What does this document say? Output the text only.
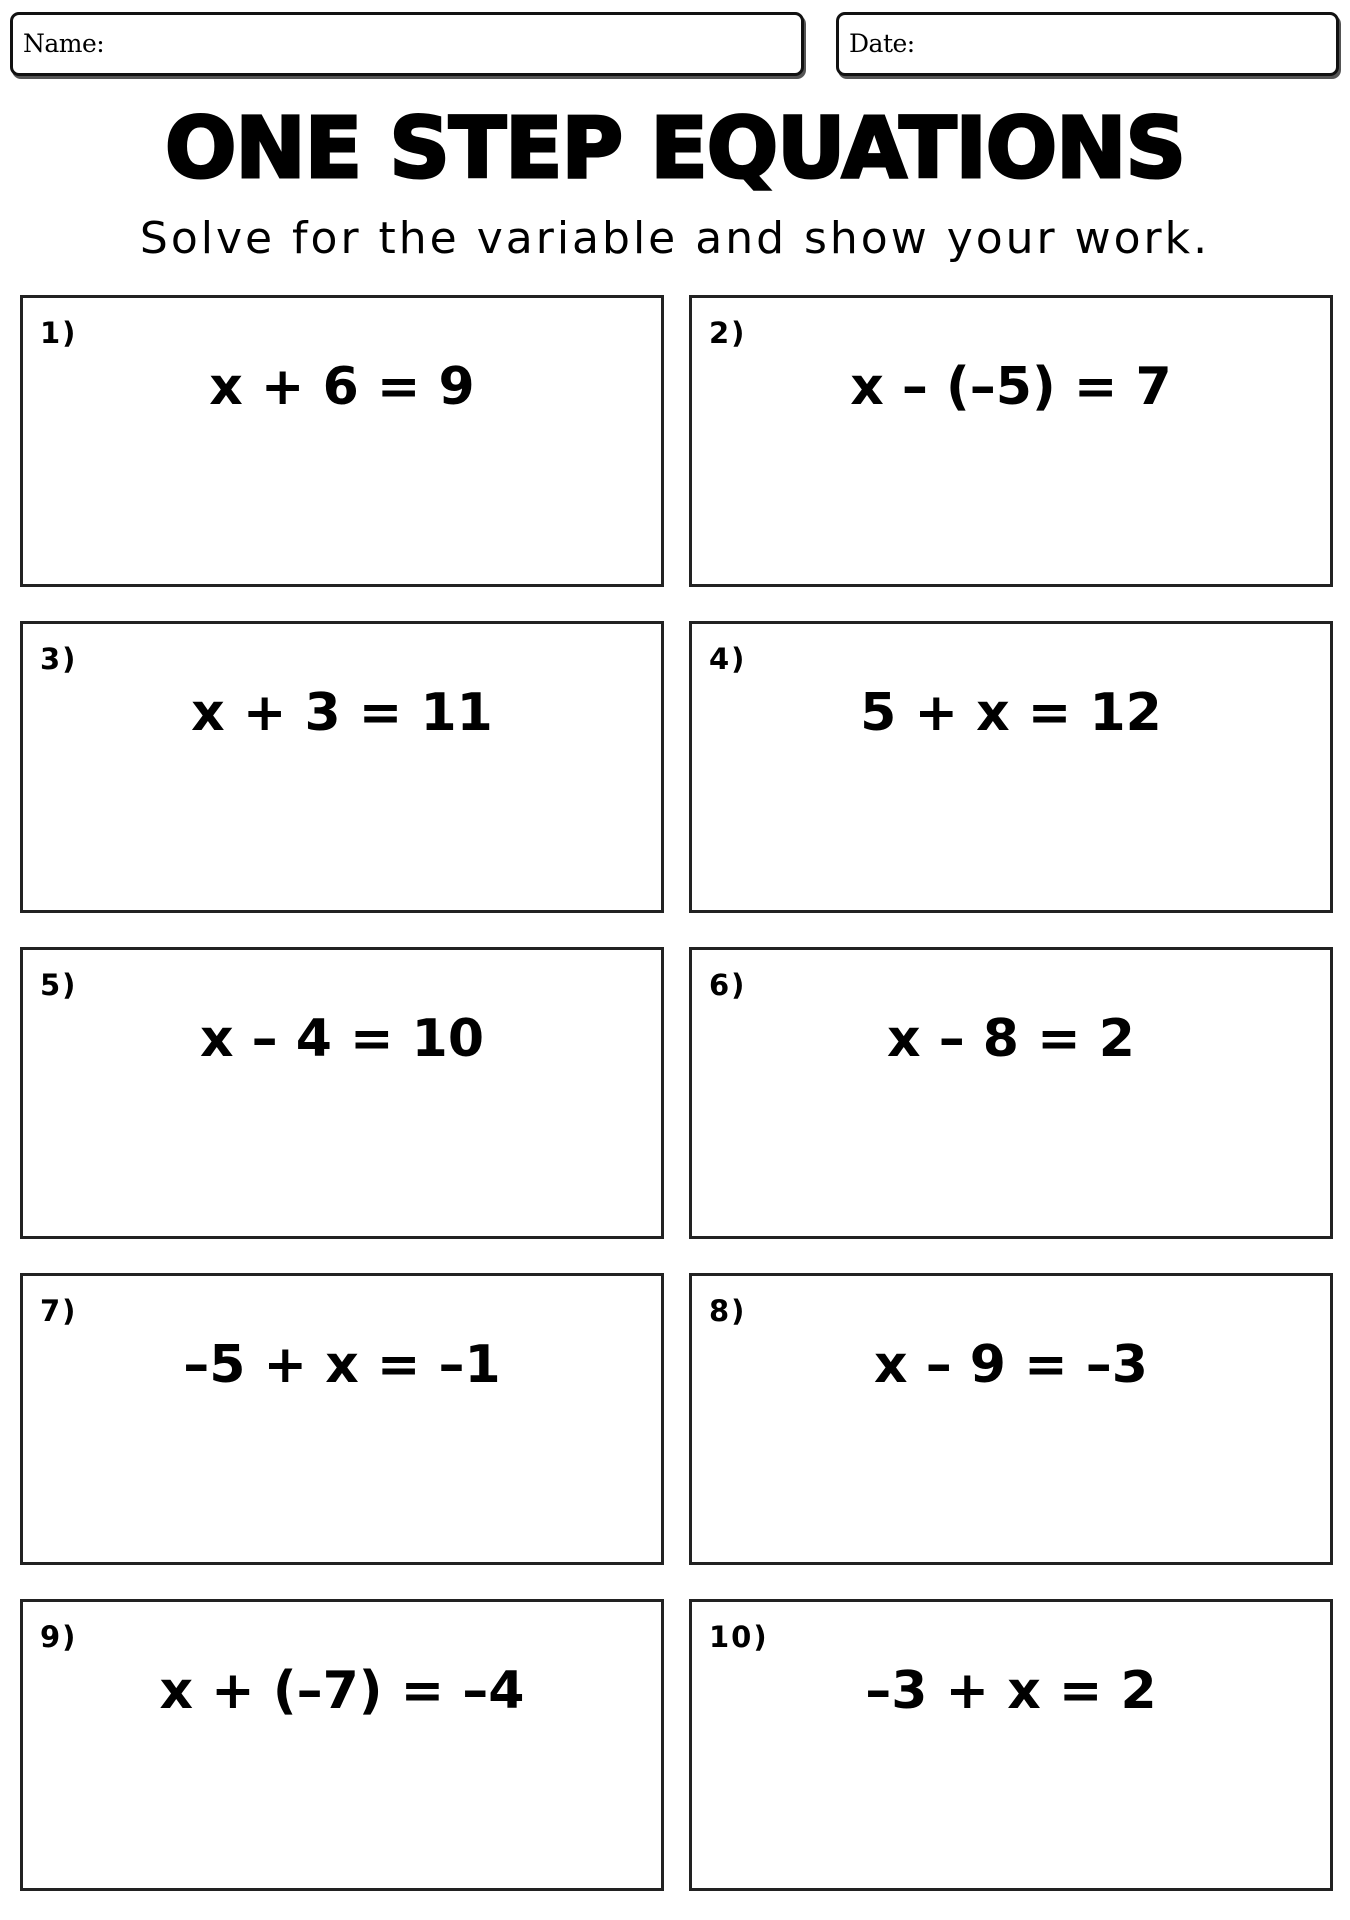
Name:	Date:
ONE STEP EQUATIONS
Solve for the variable and show your work.
1)
x + 6 = 9
2)
x – (–5) = 7
3)
x + 3 = 11
4)
5 + x = 12
5)
x – 4 = 10
6)
x – 8 = 2
7)
–5 + x = –1
8)
x – 9 = –3
9)
x + (–7) = –4
10)
–3 + x = 2
